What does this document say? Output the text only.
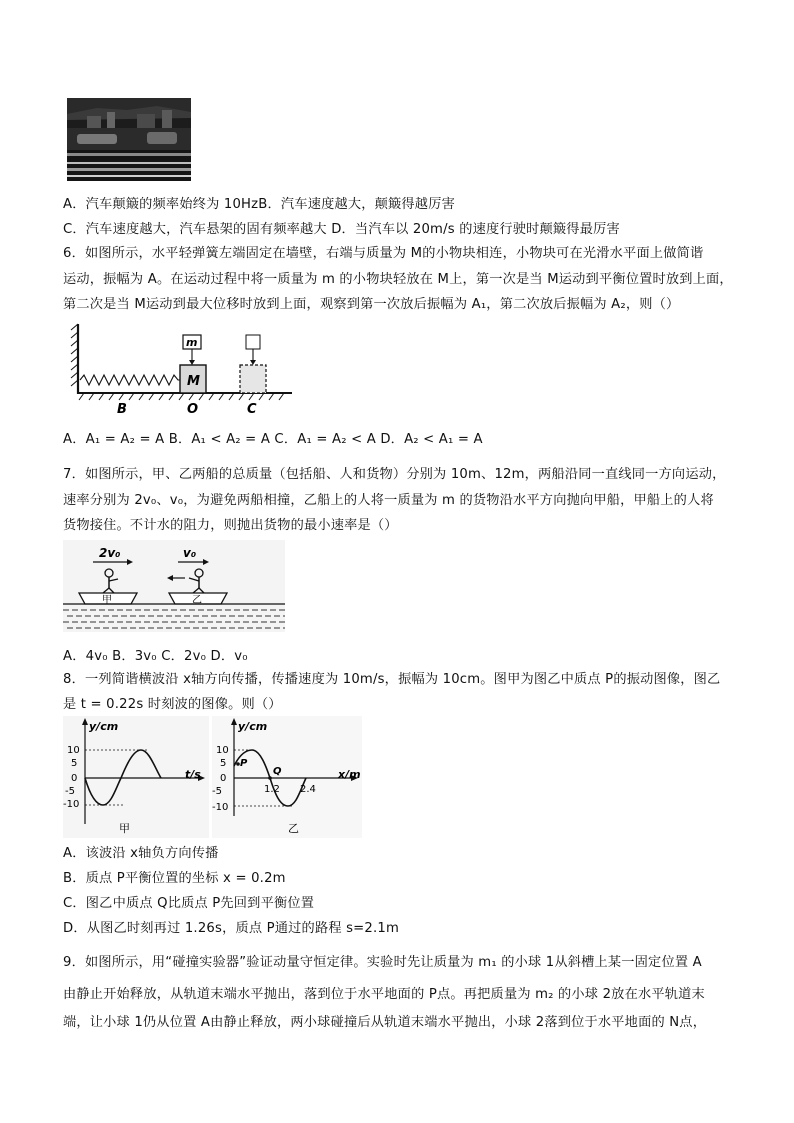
A．汽车颠簸的频率始终为 10HzB．汽车速度越大，颠簸得越厉害
C．汽车速度越大，汽车悬架的固有频率越大 D．当汽车以 20m/s 的速度行驶时颠簸得最厉害
6．如图所示，水平轻弹簧左端固定在墙壁，右端与质量为 M的小物块相连，小物块可在光滑水平面上做简谐
运动，振幅为 A。在运动过程中将一质量为 m 的小物块轻放在 M上，第一次是当 M运动到平衡位置时放到上面，
第二次是当 M运动到最大位移时放到上面，观察到第一次放后振幅为 A₁，第二次放后振幅为 A₂，则（）
M
m
B	O	C
A．A₁ = A₂ = A B．A₁ < A₂ = A C．A₁ = A₂ < A D．A₂ < A₁ = A
7．如图所示，甲、乙两船的总质量（包括船、人和货物）分别为 10m、12m，两船沿同一直线同一方向运动，
速率分别为 2v₀、v₀，为避免两船相撞，乙船上的人将一质量为 m 的货物沿水平方向抛向甲船，甲船上的人将
货物接住。不计水的阻力，则抛出货物的最小速率是（）
2v₀	v₀
甲	乙
A．4v₀ B．3v₀ C．2v₀ D．v₀
8．一列简谐横波沿 x轴方向传播，传播速度为 10m/s，振幅为 10cm。图甲为图乙中质点 P的振动图像，图乙
是 t = 0.22s 时刻波的图像。则（）
y/cm
t/s
10
5
0
-5
-10
甲
y/cm
x/m
10
5
0
-5
-10
P
Q
1.2 2.4
乙
A．该波沿 x轴负方向传播
B．质点 P平衡位置的坐标 x = 0.2m
C．图乙中质点 Q比质点 P先回到平衡位置
D．从图乙时刻再过 1.26s，质点 P通过的路程 s=2.1m
9．如图所示，用“碰撞实验器”验证动量守恒定律。实验时先让质量为 m₁ 的小球 1从斜槽上某一固定位置 A
由静止开始释放，从轨道末端水平抛出，落到位于水平地面的 P点。再把质量为 m₂ 的小球 2放在水平轨道末
端，让小球 1仍从位置 A由静止释放，两小球碰撞后从轨道末端水平抛出，小球 2落到位于水平地面的 N点，
